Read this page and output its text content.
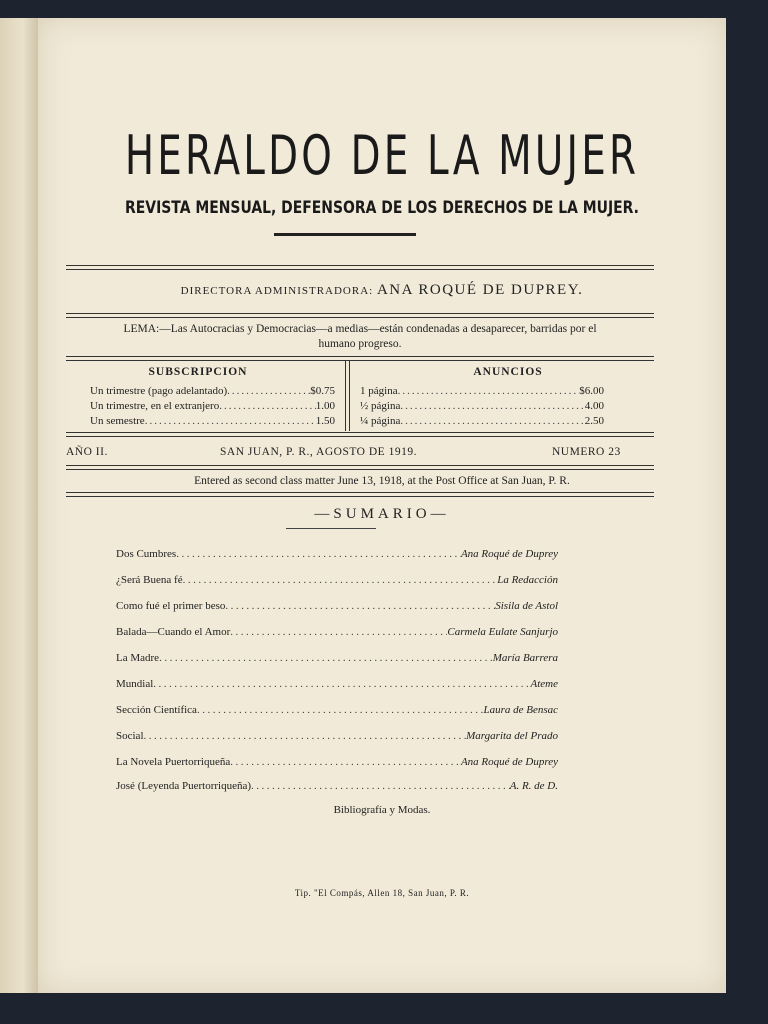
HERALDO DE LA MUJER
REVISTA MENSUAL, DEFENSORA DE LOS DERECHOS DE LA MUJER.
DIRECTORA ADMINISTRADORA: ANA ROQUÉ DE DUPREY.
LEMA:—Las Autocracias y Democracias—a medias—están condenadas a desaparecer, barridas por el
humano progreso.
SUBSCRIPCION	ANUNCIOS
Un trimestre (pago adelantado) .....	$0.75
Un trimestre, en el extranjero .....	1.00
Un semestre .....	1.50
1 página .....	$6.00
½ página .....	4.00
¼ página .....	2.50
AÑO II.	SAN JUAN, P. R., AGOSTO DE 1919.	NUMERO 23
Entered as second class matter June 13, 1918, at the Post Office at San Juan, P. R.
—SUMARIO—
Dos Cumbres .....	Ana Roqué de Duprey
¿Será Buena fé .....	La Redacción
Como fué el primer beso .....	Sisila de Astol
Balada—Cuando el Amor .....	Carmela Eulate Sanjurjo
La Madre .....	María Barrera
Mundial .....	Ateme
Sección Científica .....	Laura de Bensac
Social .....	Margarita del Prado
La Novela Puertorriqueña .....	Ana Roqué de Duprey
José (Leyenda Puertorriqueña) .....	A. R. de D.
Bibliografía y Modas.
Tip. "El Compás, Allen 18, San Juan, P. R.
